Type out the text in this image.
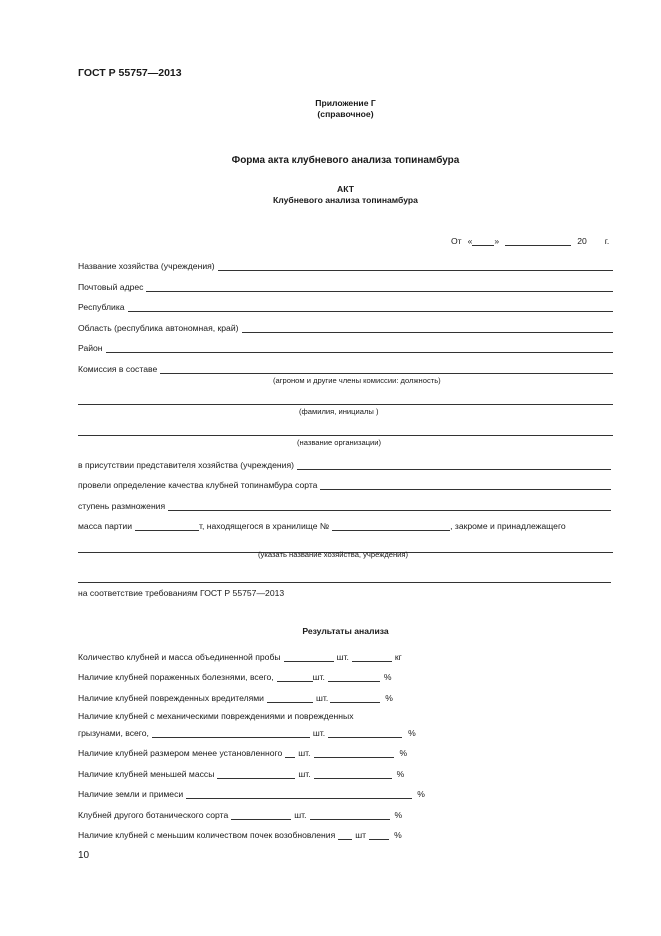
ГОСТ Р 55757—2013
Приложение Г
(справочное)
Форма акта клубневого анализа топинамбура
АКТ
Клубневого анализа топинамбура
От «	»	20 г.
Название хозяйства (учреждения)
Почтовый адрес
Республика
Область (республика автономная, край)
Район
Комиссия в составе
(агроном и другие члены комиссии: должность)
(фамилия, инициалы )
(название организации)
в присутствии представителя хозяйства (учреждения)
провели определение качества клубней топинамбура сорта
ступень размножения
масса партии	т, находящегося в хранилище №	, закроме и принадлежащего
(указать название хозяйства, учреждения)
на соответствие требованиям ГОСТ Р 55757—2013
Результаты анализа
Количество клубней и масса объединенной пробы	шт.	кг
Наличие клубней пораженных болезнями, всего,	шт.	%
Наличие клубней поврежденных вредителями	шт.	%
Наличие клубней с механическими повреждениями и поврежденных
грызунами, всего,	шт.	%
Наличие клубней размером менее установленного шт.	%
Наличие клубней меньшей массы	шт.	%
Наличие земли и примеси	%
Клубней другого ботанического сорта	шт.	%
Наличие клубней с меньшим количеством почек возобновления шт	%
10
